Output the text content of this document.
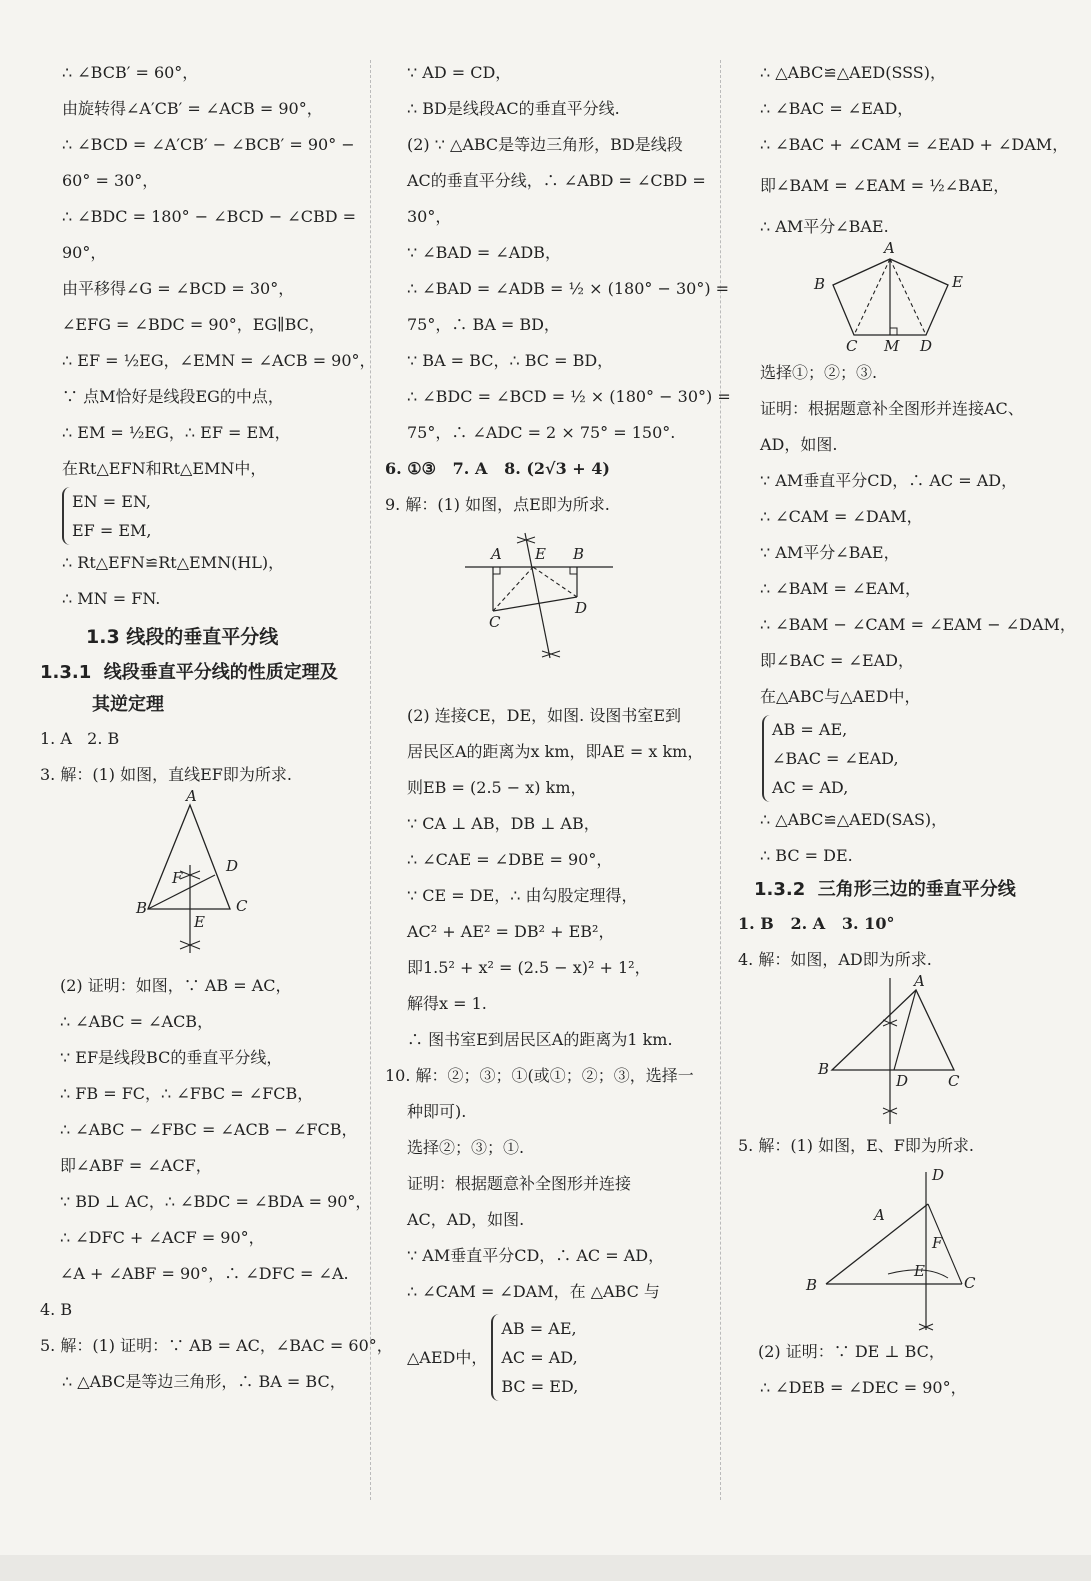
∴ ∠BCB′ = 60°，
由旋转得∠A′CB′ = ∠ACB = 90°，
∴ ∠BCD = ∠A′CB′ − ∠BCB′ = 90° −
60° = 30°，
∴ ∠BDC = 180° − ∠BCD − ∠CBD =
90°，
由平移得∠G = ∠BCD = 30°，
∠EFG = ∠BDC = 90°，EG∥BC，
∴ EF = ½EG，∠EMN = ∠ACB = 90°，
∵ 点M恰好是线段EG的中点，
∴ EM = ½EG，∴ EF = EM，
在Rt△EFN和Rt△EMN中，
EN = EN,
EF = EM,
∴ Rt△EFN≌Rt△EMN(HL)，
∴ MN = FN.
1.3 线段的垂直平分线
1.3.1  线段垂直平分线的性质定理及
其逆定理
1. A   2. B
3. 解：(1) 如图，直线EF即为所求.
A
F
D
B	C
E
(2) 证明：如图，∵ AB = AC，
∴ ∠ABC = ∠ACB，
∵ EF是线段BC的垂直平分线，
∴ FB = FC，∴ ∠FBC = ∠FCB，
∴ ∠ABC − ∠FBC = ∠ACB − ∠FCB，
即∠ABF = ∠ACF，
∵ BD ⊥ AC，∴ ∠BDC = ∠BDA = 90°，
∴ ∠DFC + ∠ACF = 90°，
∠A + ∠ABF = 90°，∴ ∠DFC = ∠A.
4. B
5. 解：(1) 证明：∵ AB = AC，∠BAC = 60°，
∴ △ABC是等边三角形，∴ BA = BC，
∵ AD = CD，
∴ BD是线段AC的垂直平分线.
(2) ∵ △ABC是等边三角形，BD是线段
AC的垂直平分线，∴ ∠ABD = ∠CBD =
30°，
∵ ∠BAD = ∠ADB，
∴ ∠BAD = ∠ADB = ½ × (180° − 30°) =
75°，∴ BA = BD，
∵ BA = BC，∴ BC = BD，
∴ ∠BDC = ∠BCD = ½ × (180° − 30°) =
75°，∴ ∠ADC = 2 × 75° = 150°.
6. ①③   7. A   8. (2√3 + 4)
9. 解：(1) 如图，点E即为所求.
A E B
C
D
(2) 连接CE，DE，如图. 设图书室E到
居民区A的距离为x km，即AE = x km，
则EB = (2.5 − x) km，
∵ CA ⊥ AB，DB ⊥ AB，
∴ ∠CAE = ∠DBE = 90°，
∵ CE = DE，∴ 由勾股定理得，
AC² + AE² = DB² + EB²，
即1.5² + x² = (2.5 − x)² + 1²，
解得x = 1.
∴ 图书室E到居民区A的距离为1 km.
10. 解：②；③；①(或①；②；③，选择一
种即可).
选择②；③；①.
证明：根据题意补全图形并连接
AC，AD，如图.
∵ AM垂直平分CD，∴ AC = AD，
∴ ∠CAM = ∠DAM，在 △ABC 与
△AED中，
AB = AE,
AC = AD,
BC = ED,
∴ △ABC≌△AED(SSS)，
∴ ∠BAC = ∠EAD，
∴ ∠BAC + ∠CAM = ∠EAD + ∠DAM，
即∠BAM = ∠EAM = ½∠BAE，
∴ AM平分∠BAE.
A
B	E
C M D
选择①；②；③.
证明：根据题意补全图形并连接AC、
AD，如图.
∵ AM垂直平分CD，∴ AC = AD，
∴ ∠CAM = ∠DAM，
∵ AM平分∠BAE，
∴ ∠BAM = ∠EAM，
∴ ∠BAM − ∠CAM = ∠EAM − ∠DAM，
即∠BAC = ∠EAD，
在△ABC与△AED中，
AB = AE,
∠BAC = ∠EAD,
AC = AD,
∴ △ABC≌△AED(SAS)，
∴ BC = DE.
1.3.2  三角形三边的垂直平分线
1. B   2. A   3. 10°
4. 解：如图，AD即为所求.
A
B
D	C
5. 解：(1) 如图，E、F即为所求.
D
A
F
E
B	C
(2) 证明：∵ DE ⊥ BC，
∴ ∠DEB = ∠DEC = 90°，
